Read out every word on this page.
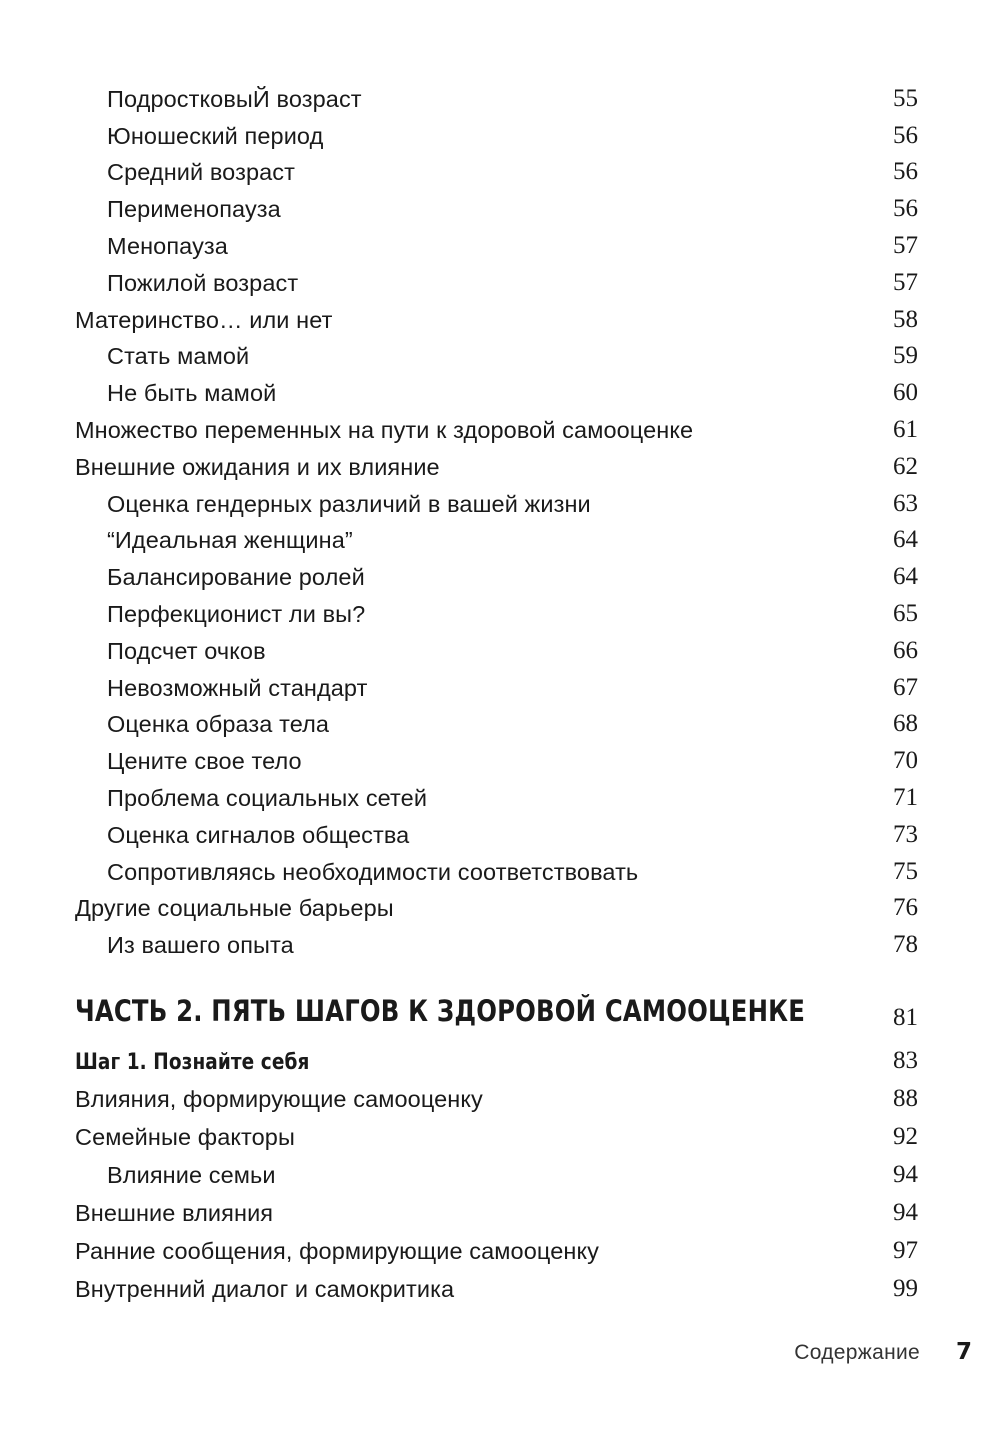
ПодростковыЙ возраст	55
Юношеский период	56
Средний возраст	56
Перименопауза	56
Менопауза	57
Пожилой возраст	57
Материнство… или нет	58
Стать мамой	59
Не быть мамой	60
Множество переменных на пути к здоровой самооценке	61
Внешние ожидания и их влияние	62
Оценка гендерных различий в вашей жизни	63
“Идеальная женщина”	64
Балансирование ролей	64
Перфекционист ли вы?	65
Подсчет очков	66
Невозможный стандарт	67
Оценка образа тела	68
Цените свое тело	70
Проблема социальных сетей	71
Оценка сигналов общества	73
Сопротивляясь необходимости соответствовать	75
Другие социальные барьеры	76
Из вашего опыта	78
ЧАСТЬ 2. ПЯТЬ ШАГОВ К ЗДОРОВОЙ САМООЦЕНКЕ	81
Шаг 1. Познайте себя	83
Влияния, формирующие самооценку	88
Семейные факторы	92
Влияние семьи	94
Внешние влияния	94
Ранние сообщения, формирующие самооценку	97
Внутренний диалог и самокритика	99
Содержание 7
